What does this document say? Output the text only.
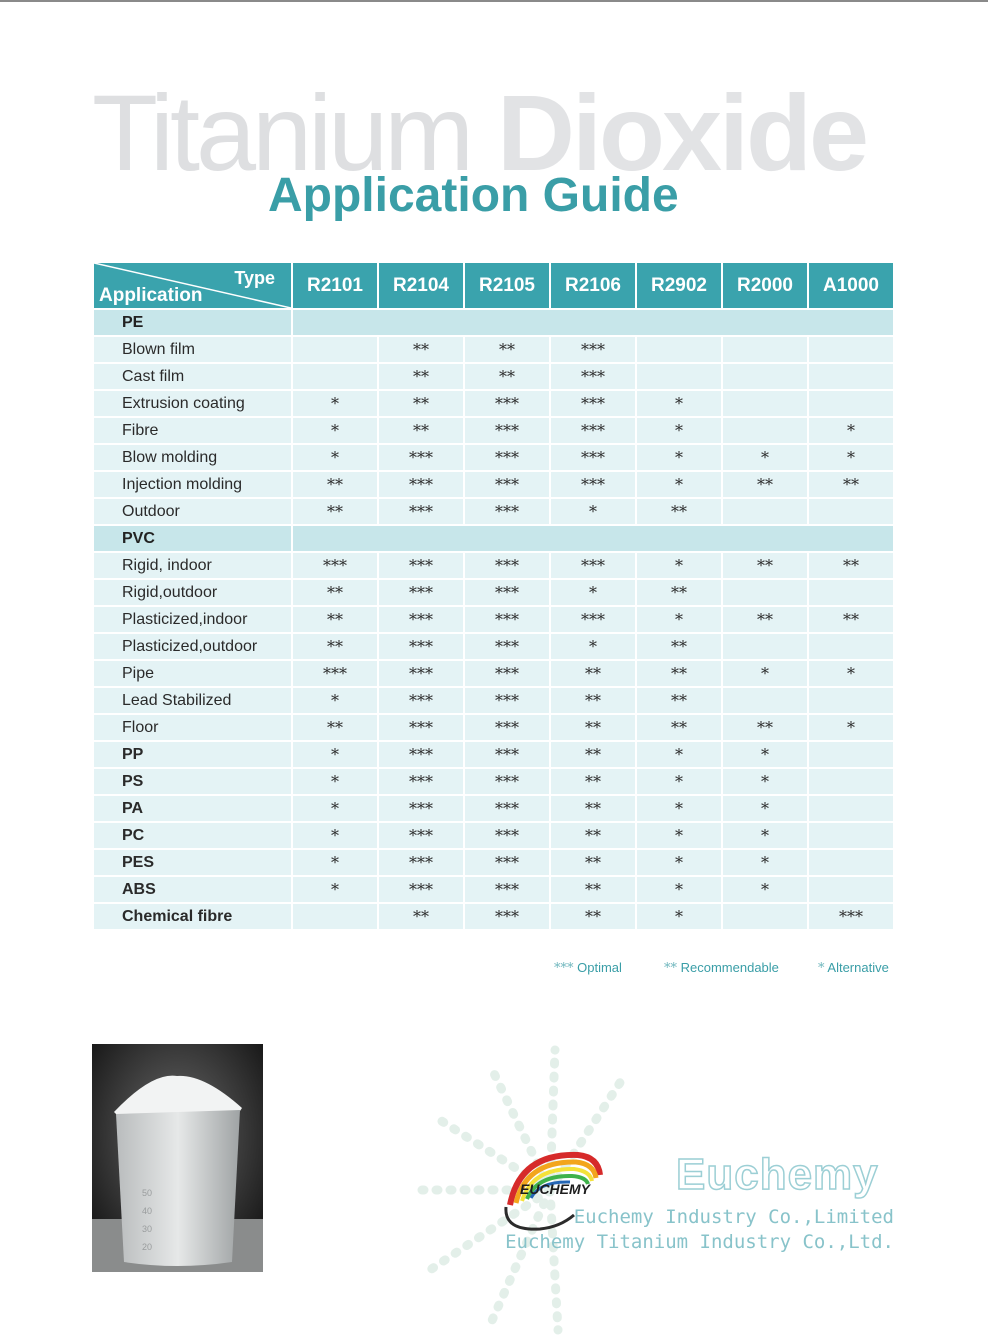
Titanium Dioxide
Application Guide
Type
Application	R2101	R2104	R2105	R2106	R2902	R2000	A1000
PE							
Blown film		**	**	***			
Cast film		**	**	***			
Extrusion coating	*	**	***	***	*		
Fibre	*	**	***	***	*		*
Blow molding	*	***	***	***	*	*	*
Injection molding	**	***	***	***	*	**	**
Outdoor	**	***	***	*	**		
PVC							
Rigid, indoor	***	***	***	***	*	**	**
Rigid,outdoor	**	***	***	*	**		
Plasticized,indoor	**	***	***	***	*	**	**
Plasticized,outdoor	**	***	***	*	**		
Pipe	***	***	***	**	**	*	*
Lead Stabilized	*	***	***	**	**		
Floor	**	***	***	**	**	**	*
PP	*	***	***	**	*	*	
PS	*	***	***	**	*	*	
PA	*	***	***	**	*	*	
PC	*	***	***	**	*	*	
PES	*	***	***	**	*	*	
ABS	*	***	***	**	*	*	
Chemical fibre		**	***	**	*		***
*** Optimal	** Recommendable	* Alternative
50
40
30
20
EUCHEMY Euchemy
Euchemy Industry Co.,Limited
Euchemy Titanium Industry Co.,Ltd.
